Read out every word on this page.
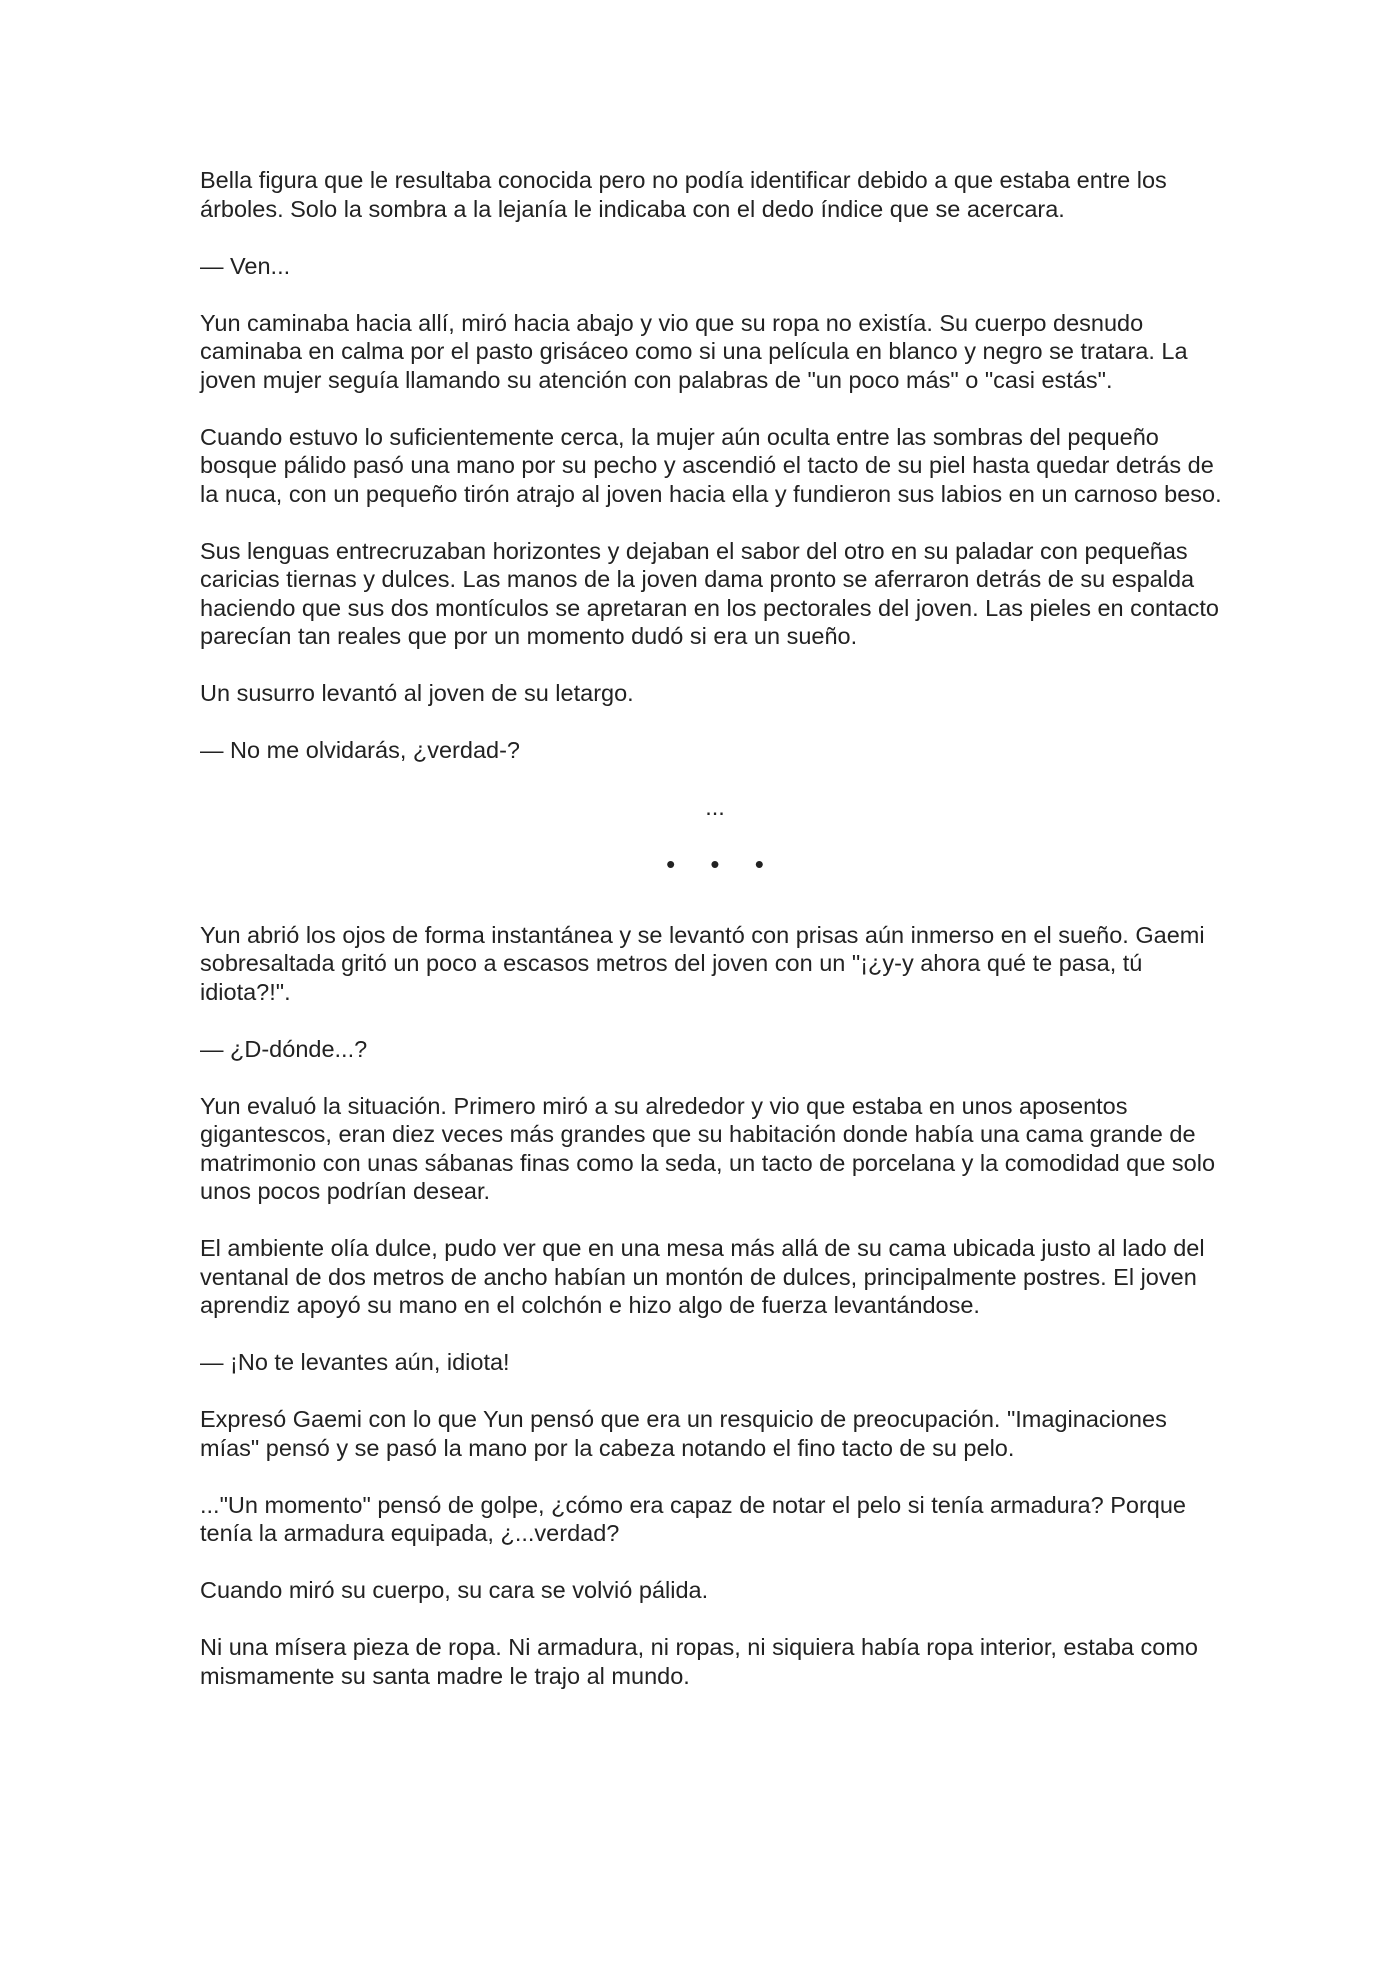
Bella figura que le resultaba conocida pero no podía identificar debido a que estaba entre los árboles. Solo la sombra a la lejanía le indicaba con el dedo índice que se acercara.

— Ven...

Yun caminaba hacia allí, miró hacia abajo y vio que su ropa no existía. Su cuerpo desnudo caminaba en calma por el pasto grisáceo como si una película en blanco y negro se tratara. La joven mujer seguía llamando su atención con palabras de "un poco más" o "casi estás".

Cuando estuvo lo suficientemente cerca, la mujer aún oculta entre las sombras del pequeño bosque pálido pasó una mano por su pecho y ascendió el tacto de su piel hasta quedar detrás de la nuca, con un pequeño tirón atrajo al joven hacia ella y fundieron sus labios en un carnoso beso.

Sus lenguas entrecruzaban horizontes y dejaban el sabor del otro en su paladar con pequeñas caricias tiernas y dulces. Las manos de la joven dama pronto se aferraron detrás de su espalda haciendo que sus dos montículos se apretaran en los pectorales del joven. Las pieles en contacto parecían tan reales que por un momento dudó si era un sueño.

Un susurro levantó al joven de su letargo.

— No me olvidarás, ¿verdad-?

...

• • •

Yun abrió los ojos de forma instantánea y se levantó con prisas aún inmerso en el sueño. Gaemi sobresaltada gritó un poco a escasos metros del joven con un "¡¿y-y ahora qué te pasa, tú idiota?!".

— ¿D-dónde...?

Yun evaluó la situación. Primero miró a su alrededor y vio que estaba en unos aposentos gigantescos, eran diez veces más grandes que su habitación donde había una cama grande de matrimonio con unas sábanas finas como la seda, un tacto de porcelana y la comodidad que solo unos pocos podrían desear.

El ambiente olía dulce, pudo ver que en una mesa más allá de su cama ubicada justo al lado del ventanal de dos metros de ancho habían un montón de dulces, principalmente postres. El joven aprendiz apoyó su mano en el colchón e hizo algo de fuerza levantándose.

— ¡No te levantes aún, idiota!

Expresó Gaemi con lo que Yun pensó que era un resquicio de preocupación. "Imaginaciones mías" pensó y se pasó la mano por la cabeza notando el fino tacto de su pelo.

..."Un momento" pensó de golpe, ¿cómo era capaz de notar el pelo si tenía armadura? Porque tenía la armadura equipada, ¿...verdad?

Cuando miró su cuerpo, su cara se volvió pálida.

Ni una mísera pieza de ropa. Ni armadura, ni ropas, ni siquiera había ropa interior, estaba como mismamente su santa madre le trajo al mundo.
